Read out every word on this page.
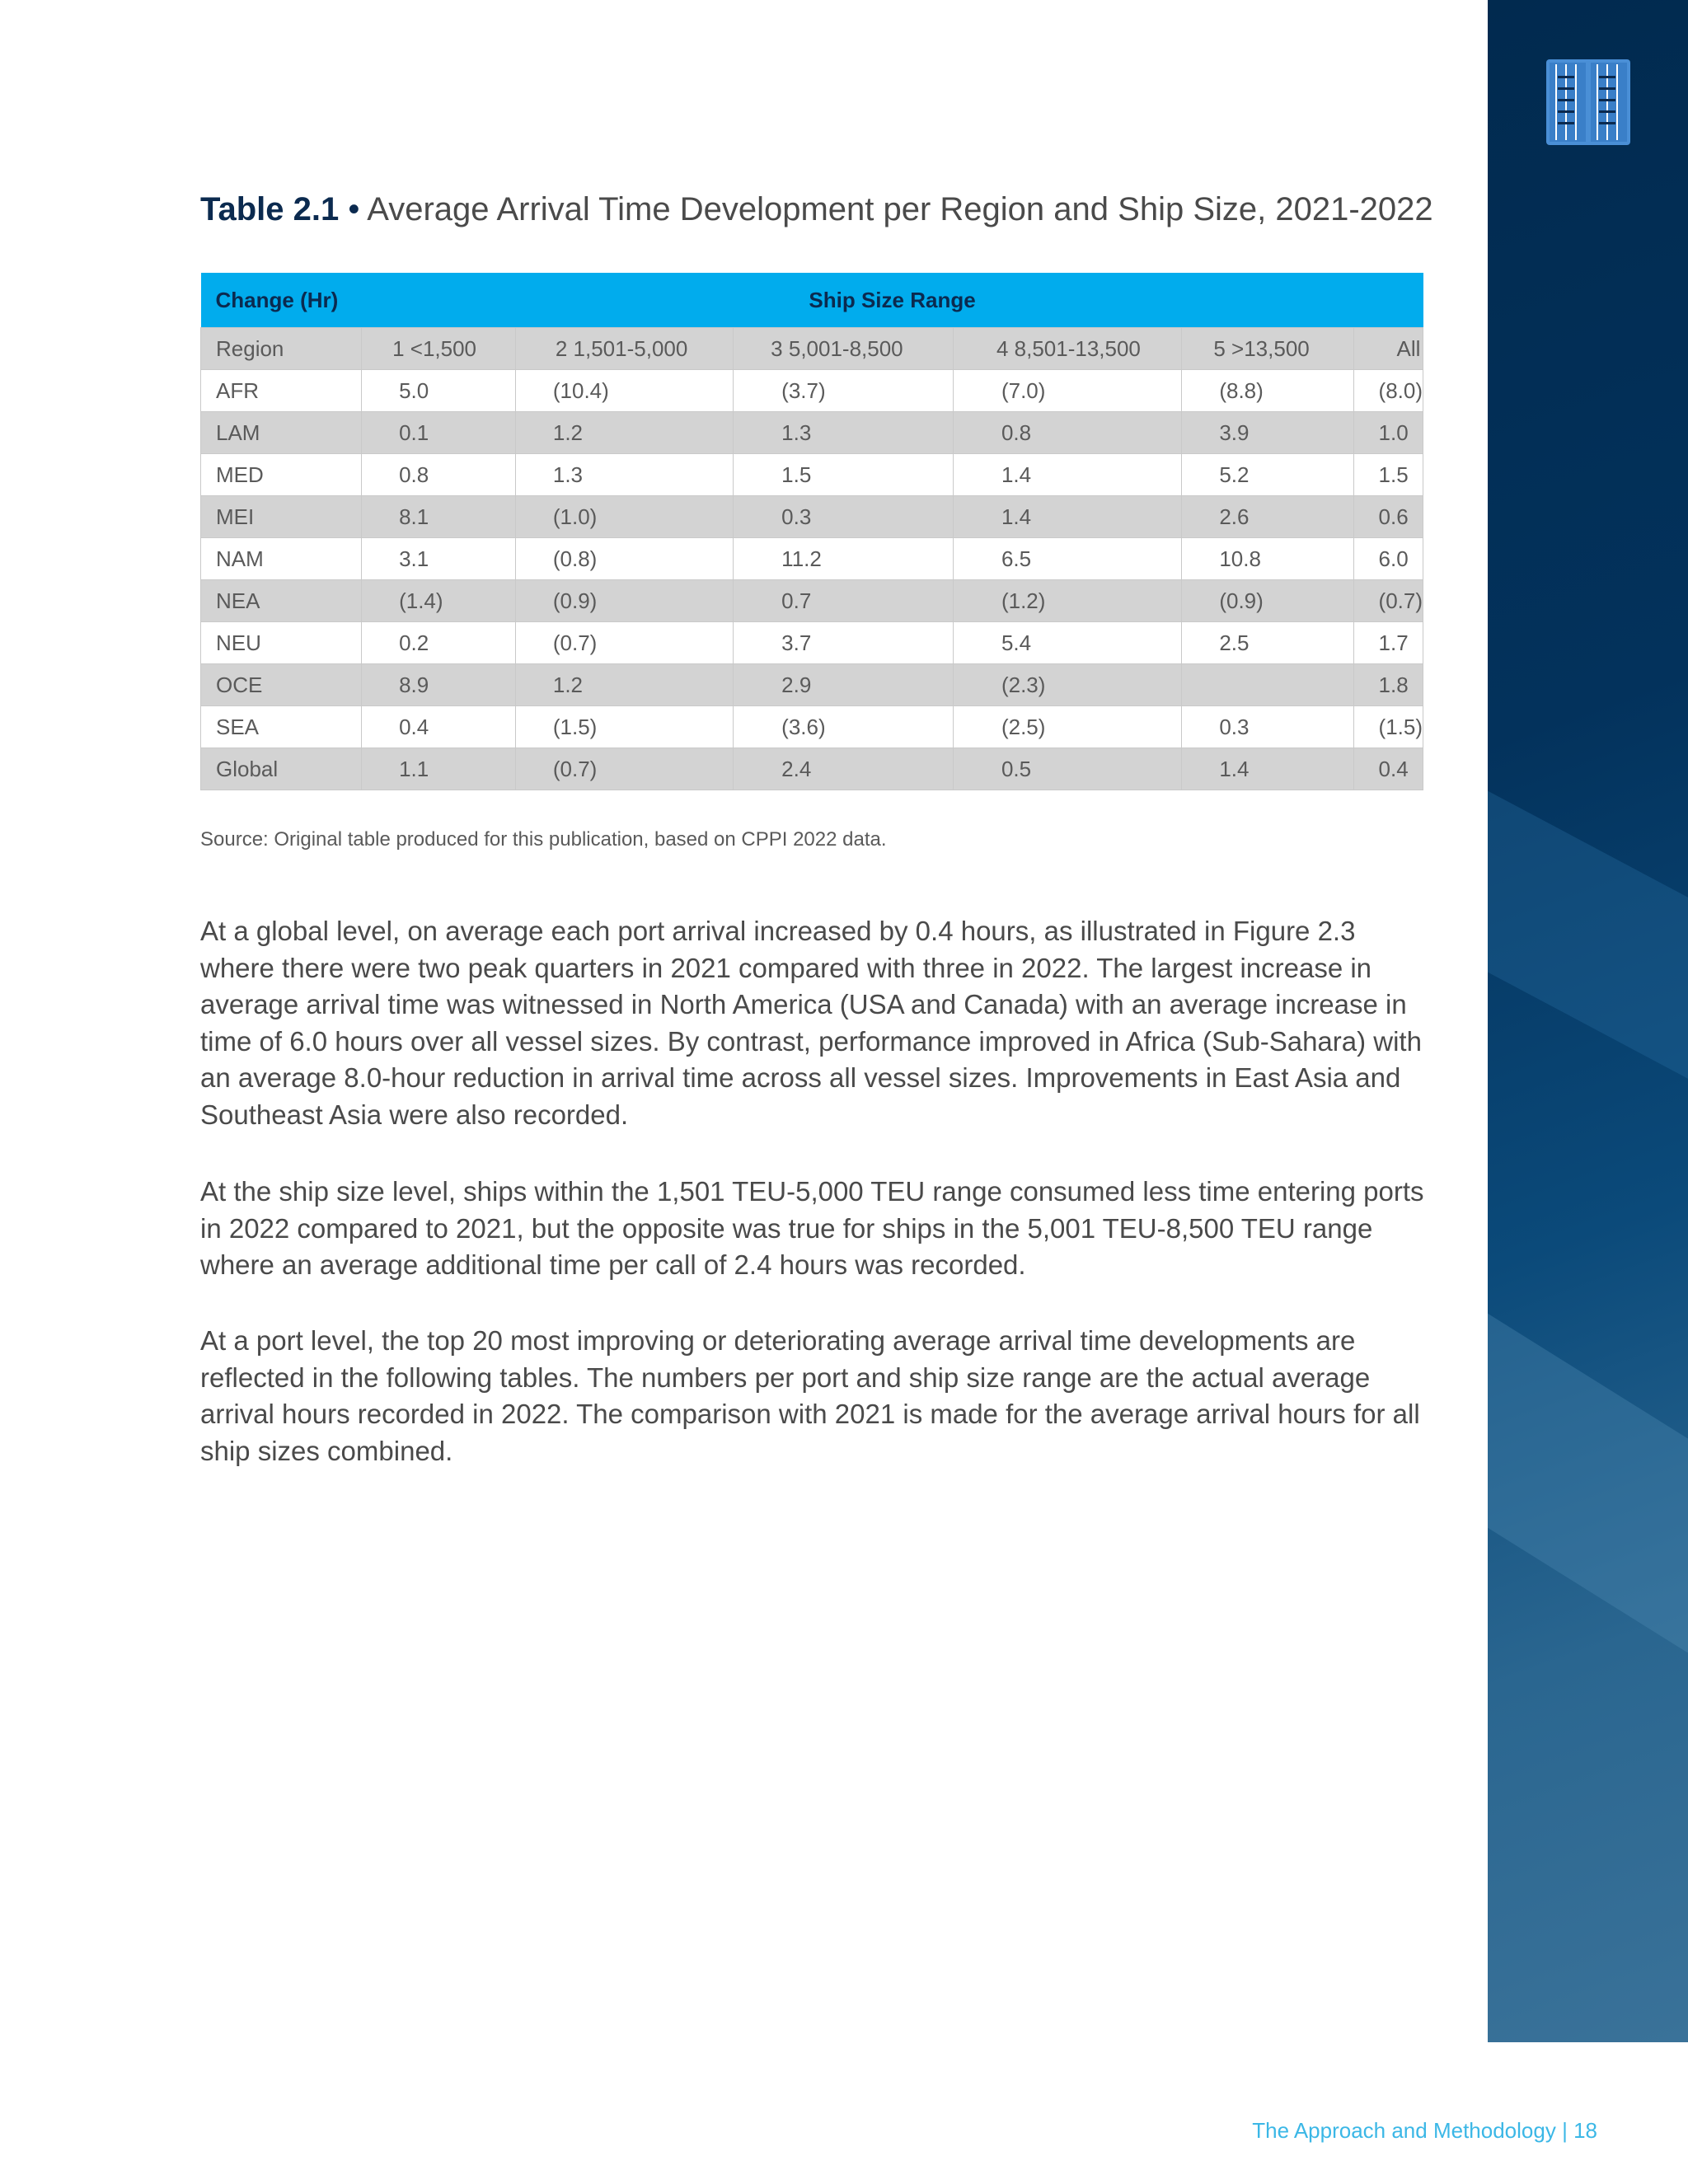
Table 2.1 • Average Arrival Time Development per Region and Ship Size, 2021-2022
Change (Hr)	Ship Size Range					
Region	1 <1,500	2 1,501-5,000	3 5,001-8,500	4 8,501-13,500	5 >13,500	All
AFR	5.0	(10.4)	(3.7)	(7.0)	(8.8)	(8.0)
LAM	0.1	1.2	1.3	0.8	3.9	1.0
MED	0.8	1.3	1.5	1.4	5.2	1.5
MEI	8.1	(1.0)	0.3	1.4	2.6	0.6
NAM	3.1	(0.8)	11.2	6.5	10.8	6.0
NEA	(1.4)	(0.9)	0.7	(1.2)	(0.9)	(0.7)
NEU	0.2	(0.7)	3.7	5.4	2.5	1.7
OCE	8.9	1.2	2.9	(2.3)		1.8
SEA	0.4	(1.5)	(3.6)	(2.5)	0.3	(1.5)
Global	1.1	(0.7)	2.4	0.5	1.4	0.4
Source: Original table produced for this publication, based on CPPI 2022 data.

At a global level, on average each port arrival increased by 0.4 hours, as illustrated in Figure 2.3 where there were two peak quarters in 2021 compared with three in 2022. The largest increase in average arrival time was witnessed in North America (USA and Canada) with an average increase in time of 6.0 hours over all vessel sizes. By contrast, performance improved in Africa (Sub-Sahara) with an average 8.0-hour reduction in arrival time across all vessel sizes. Improvements in East Asia and Southeast Asia were also recorded.

At the ship size level, ships within the 1,501 TEU-5,000 TEU range consumed less time entering ports in 2022 compared to 2021, but the opposite was true for ships in the 5,001 TEU-8,500 TEU range where an average additional time per call of 2.4 hours was recorded.

At a port level, the top 20 most improving or deteriorating average arrival time developments are reflected in the following tables. The numbers per port and ship size range are the actual average arrival hours recorded in 2022. The comparison with 2021 is made for the average arrival hours for all ship sizes combined.

The Approach and Methodology | 18
